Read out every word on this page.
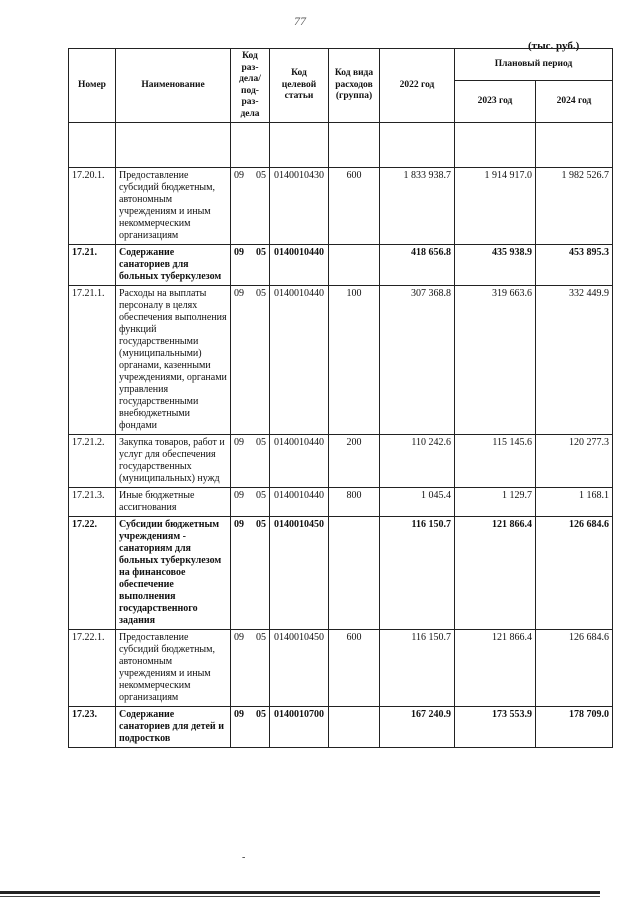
77
(тыс. руб.)
Номер	Наименование	Код раз-дела/ под-раз-дела	Код целевой статьи	Код вида расходов (группа)	2022 год	Плановый период	
						2023 год	2024 год

17.20.1.	Предоставление субсидий бюджетным, автономным учреждениям и иным некоммерческим организациям	09 05	0140010430	600	1 833 938.7	1 914 917.0	1 982 526.7
17.21.	Содержание санаториев для больных туберкулезом	09 05	0140010440		418 656.8	435 938.9	453 895.3
17.21.1.	Расходы на выплаты персоналу в целях обеспечения выполнения функций государственными (муниципальными) органами, казенными учреждениями, органами управления государственными внебюджетными фондами	09 05	0140010440	100	307 368.8	319 663.6	332 449.9
17.21.2.	Закупка товаров, работ и услуг для обеспечения государственных (муниципальных) нужд	09 05	0140010440	200	110 242.6	115 145.6	120 277.3
17.21.3.	Иные бюджетные ассигнования	09 05	0140010440	800	1 045.4	1 129.7	1 168.1
17.22.	Субсидии бюджетным учреждениям - санаториям для больных туберкулезом на финансовое обеспечение выполнения государственного задания	09 05	0140010450		116 150.7	121 866.4	126 684.6
17.22.1.	Предоставление субсидий бюджетным, автономным учреждениям и иным некоммерческим организациям	09 05	0140010450	600	116 150.7	121 866.4	126 684.6
17.23.	Содержание санаториев для детей и подростков	09 05	0140010700		167 240.9	173 553.9	178 709.0
-
